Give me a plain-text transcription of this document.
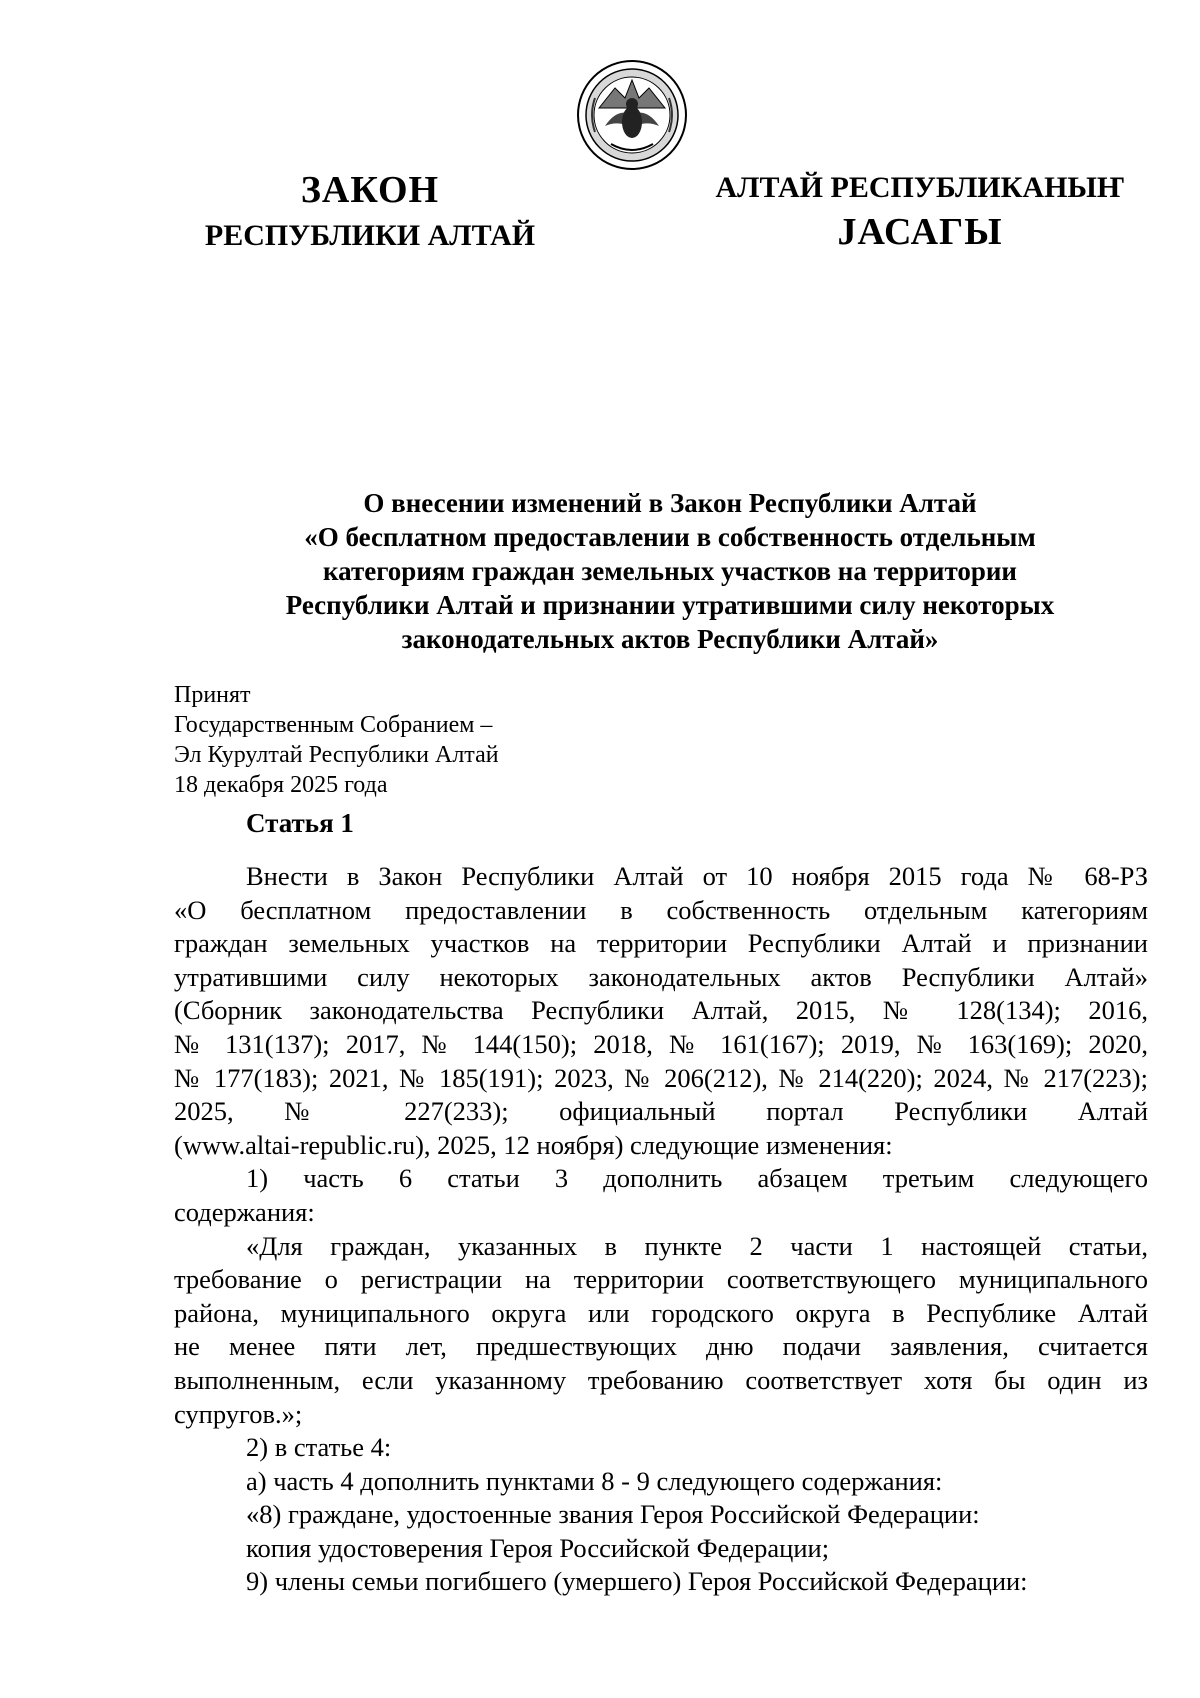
ЗАКОН
РЕСПУБЛИКИ АЛТАЙ
АЛТАЙ РЕСПУБЛИКАНЫҤ
ЈАСАГЫ
О внесении изменений в Закон Республики Алтай
«О бесплатном предоставлении в собственность отдельным
категориям граждан земельных участков на территории
Республики Алтай и признании утратившими силу некоторых
законодательных актов Республики Алтай»
Принят
Государственным Собранием –
Эл Курултай Республики Алтай
18 декабря 2025 года
Статья 1
Внести в Закон Республики Алтай от 10 ноября 2015 года № 68-РЗ
«О бесплатном предоставлении в собственность отдельным категориям
граждан земельных участков на территории Республики Алтай и признании
утратившими силу некоторых законодательных актов Республики Алтай»
(Сборник законодательства Республики Алтай, 2015, № 128(134); 2016,
№ 131(137); 2017, № 144(150); 2018, № 161(167); 2019, № 163(169); 2020,
№ 177(183); 2021, № 185(191); 2023, № 206(212), № 214(220); 2024, № 217(223);
2025, № 227(233); официальный портал Республики Алтай
(www.altai-republic.ru), 2025, 12 ноября) следующие изменения:
1) часть 6 статьи 3 дополнить абзацем третьим следующего
содержания:
«Для граждан, указанных в пункте 2 части 1 настоящей статьи,
требование о регистрации на территории соответствующего муниципального
района, муниципального округа или городского округа в Республике Алтай
не менее пяти лет, предшествующих дню подачи заявления, считается
выполненным, если указанному требованию соответствует хотя бы один из
супругов.»;
2) в статье 4:
а) часть 4 дополнить пунктами 8 - 9 следующего содержания:
«8) граждане, удостоенные звания Героя Российской Федерации:
копия удостоверения Героя Российской Федерации;
9) члены семьи погибшего (умершего) Героя Российской Федерации:
